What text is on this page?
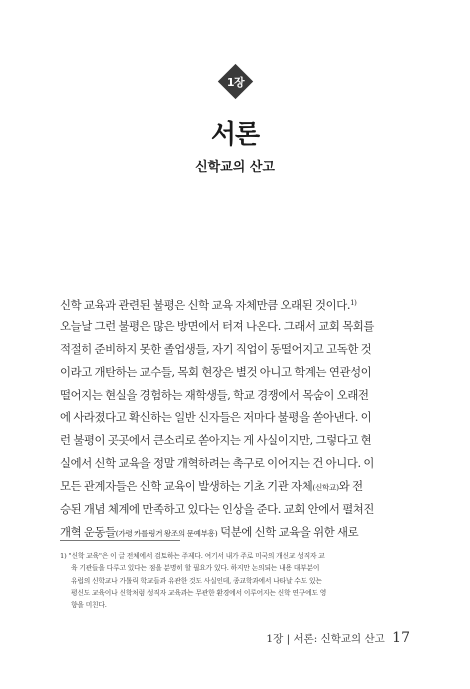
1장
서론
신학교의 산고
신학 교육과 관련된 불평은 신학 교육 자체만큼 오래된 것이다.$^{1)}$
오늘날 그런 불평은 많은 방면에서 터져 나온다. 그래서 교회 목회를
적절히 준비하지 못한 졸업생들, 자기 직업이 동떨어지고 고독한 것
이라고 개탄하는 교수들, 목회 현장은 별것 아니고 학계는 연관성이
떨어지는 현실을 경험하는 재학생들, 학교 경쟁에서 목숨이 오래전
에 사라졌다고 확신하는 일반 신자들은 저마다 불평을 쏟아낸다. 이
런 불평이 곳곳에서 큰소리로 쏟아지는 게 사실이지만, 그렇다고 현
실에서 신학 교육을 정말 개혁하려는 촉구로 이어지는 건 아니다. 이
모든 관계자들은 신학 교육이 발생하는 기초 기관 자체(신학교)와 전
승된 개념 체계에 만족하고 있다는 인상을 준다. 교회 안에서 펼쳐진
개혁 운동들(가령 카를링거 왕조의 문예부흥) 덕분에 신학 교육을 위한 새로
1) "신학 교육"은 이 글 전체에서 검토하는 주제다. 여기서 내가 주로 미국의 개신교 성직자 교
육 기관들을 다루고 있다는 점을 분명히 할 필요가 있다. 하지만 논의되는 내용 대부분이
유럽의 신학교나 가톨릭 학교들과 유관한 것도 사실인데, 종교학과에서 나타날 수도 있는
평신도 교육이나 신학처럼 성직자 교육과는 무관한 환경에서 이루어지는 신학 연구에도 영
향을 미친다.
1장 | 서론: 신학교의 산고 17
